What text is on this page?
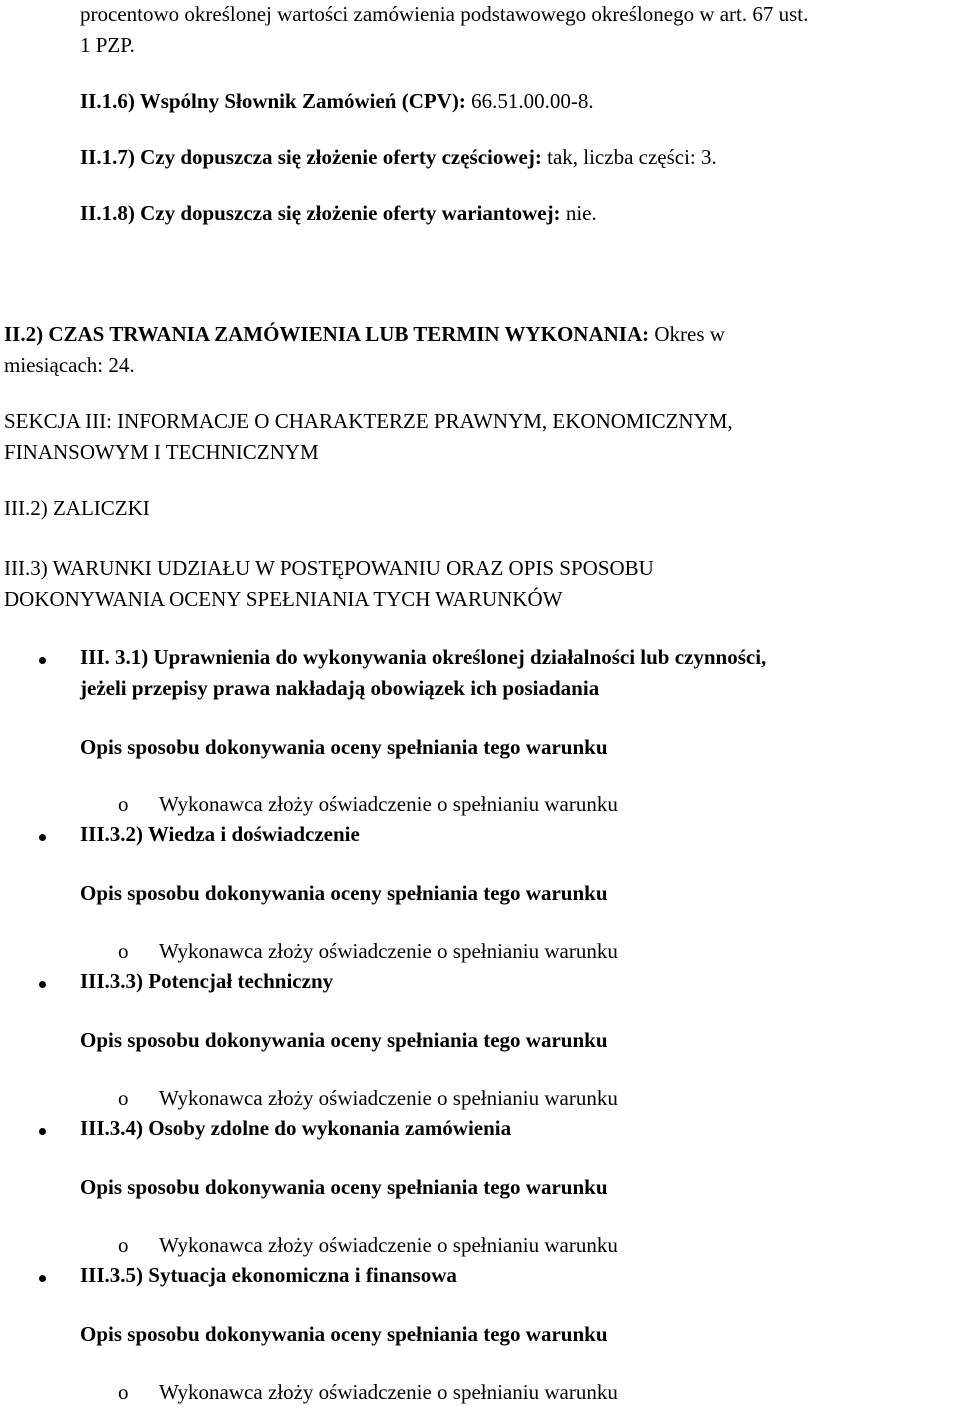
procentowo określonej wartości zamówienia podstawowego określonego w art. 67 ust.
1 PZP.
II.1.6) Wspólny Słownik Zamówień (CPV): 66.51.00.00-8.
II.1.7) Czy dopuszcza się złożenie oferty częściowej: tak, liczba części: 3.
II.1.8) Czy dopuszcza się złożenie oferty wariantowej: nie.
II.2) CZAS TRWANIA ZAMÓWIENIA LUB TERMIN WYKONANIA: Okres w
miesiącach: 24.
SEKCJA III: INFORMACJE O CHARAKTERZE PRAWNYM, EKONOMICZNYM,
FINANSOWYM I TECHNICZNYM
III.2) ZALICZKI
III.3) WARUNKI UDZIAŁU W POSTĘPOWANIU ORAZ OPIS SPOSOBU
DOKONYWANIA OCENY SPEŁNIANIA TYCH WARUNKÓW
III. 3.1) Uprawnienia do wykonywania określonej działalności lub czynności,
jeżeli przepisy prawa nakładają obowiązek ich posiadania
Opis sposobu dokonywania oceny spełniania tego warunku
o Wykonawca złoży oświadczenie o spełnianiu warunku
III.3.2) Wiedza i doświadczenie
Opis sposobu dokonywania oceny spełniania tego warunku
o Wykonawca złoży oświadczenie o spełnianiu warunku
III.3.3) Potencjał techniczny
Opis sposobu dokonywania oceny spełniania tego warunku
o Wykonawca złoży oświadczenie o spełnianiu warunku
III.3.4) Osoby zdolne do wykonania zamówienia
Opis sposobu dokonywania oceny spełniania tego warunku
o Wykonawca złoży oświadczenie o spełnianiu warunku
III.3.5) Sytuacja ekonomiczna i finansowa
Opis sposobu dokonywania oceny spełniania tego warunku
o Wykonawca złoży oświadczenie o spełnianiu warunku
